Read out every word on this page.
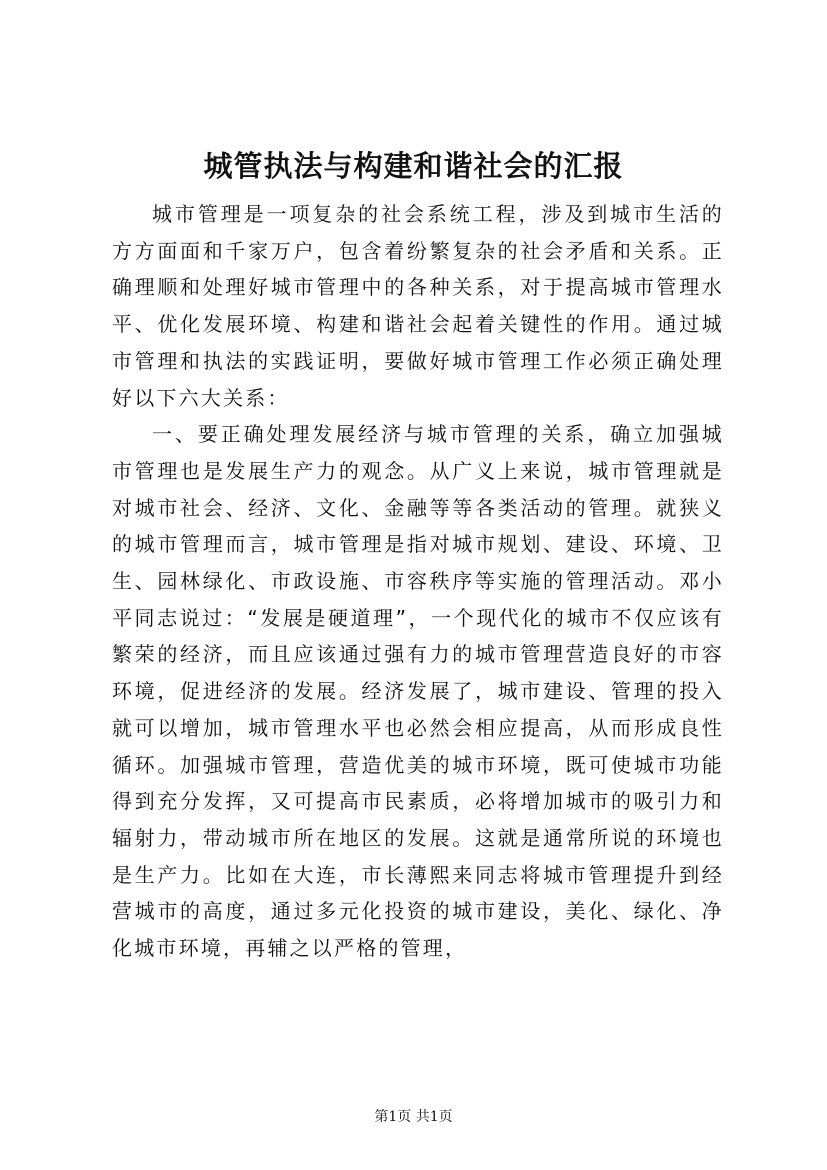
城管执法与构建和谐社会的汇报

城市管理是一项复杂的社会系统工程，涉及到城市生活的方方面面和千家万户，包含着纷繁复杂的社会矛盾和关系。正确理顺和处理好城市管理中的各种关系，对于提高城市管理水平、优化发展环境、构建和谐社会起着关键性的作用。通过城市管理和执法的实践证明，要做好城市管理工作必须正确处理好以下六大关系：

一、要正确处理发展经济与城市管理的关系，确立加强城市管理也是发展生产力的观念。从广义上来说，城市管理就是对城市社会、经济、文化、金融等等各类活动的管理。就狭义的城市管理而言，城市管理是指对城市规划、建设、环境、卫生、园林绿化、市政设施、市容秩序等实施的管理活动。邓小平同志说过：“发展是硬道理”，一个现代化的城市不仅应该有繁荣的经济，而且应该通过强有力的城市管理营造良好的市容环境，促进经济的发展。经济发展了，城市建设、管理的投入就可以增加，城市管理水平也必然会相应提高，从而形成良性循环。加强城市管理，营造优美的城市环境，既可使城市功能得到充分发挥，又可提高市民素质，必将增加城市的吸引力和辐射力，带动城市所在地区的发展。这就是通常所说的环境也是生产力。比如在大连，市长薄熙来同志将城市管理提升到经营城市的高度，通过多元化投资的城市建设，美化、绿化、净化城市环境，再辅之以严格的管理，

第1页 共1页
